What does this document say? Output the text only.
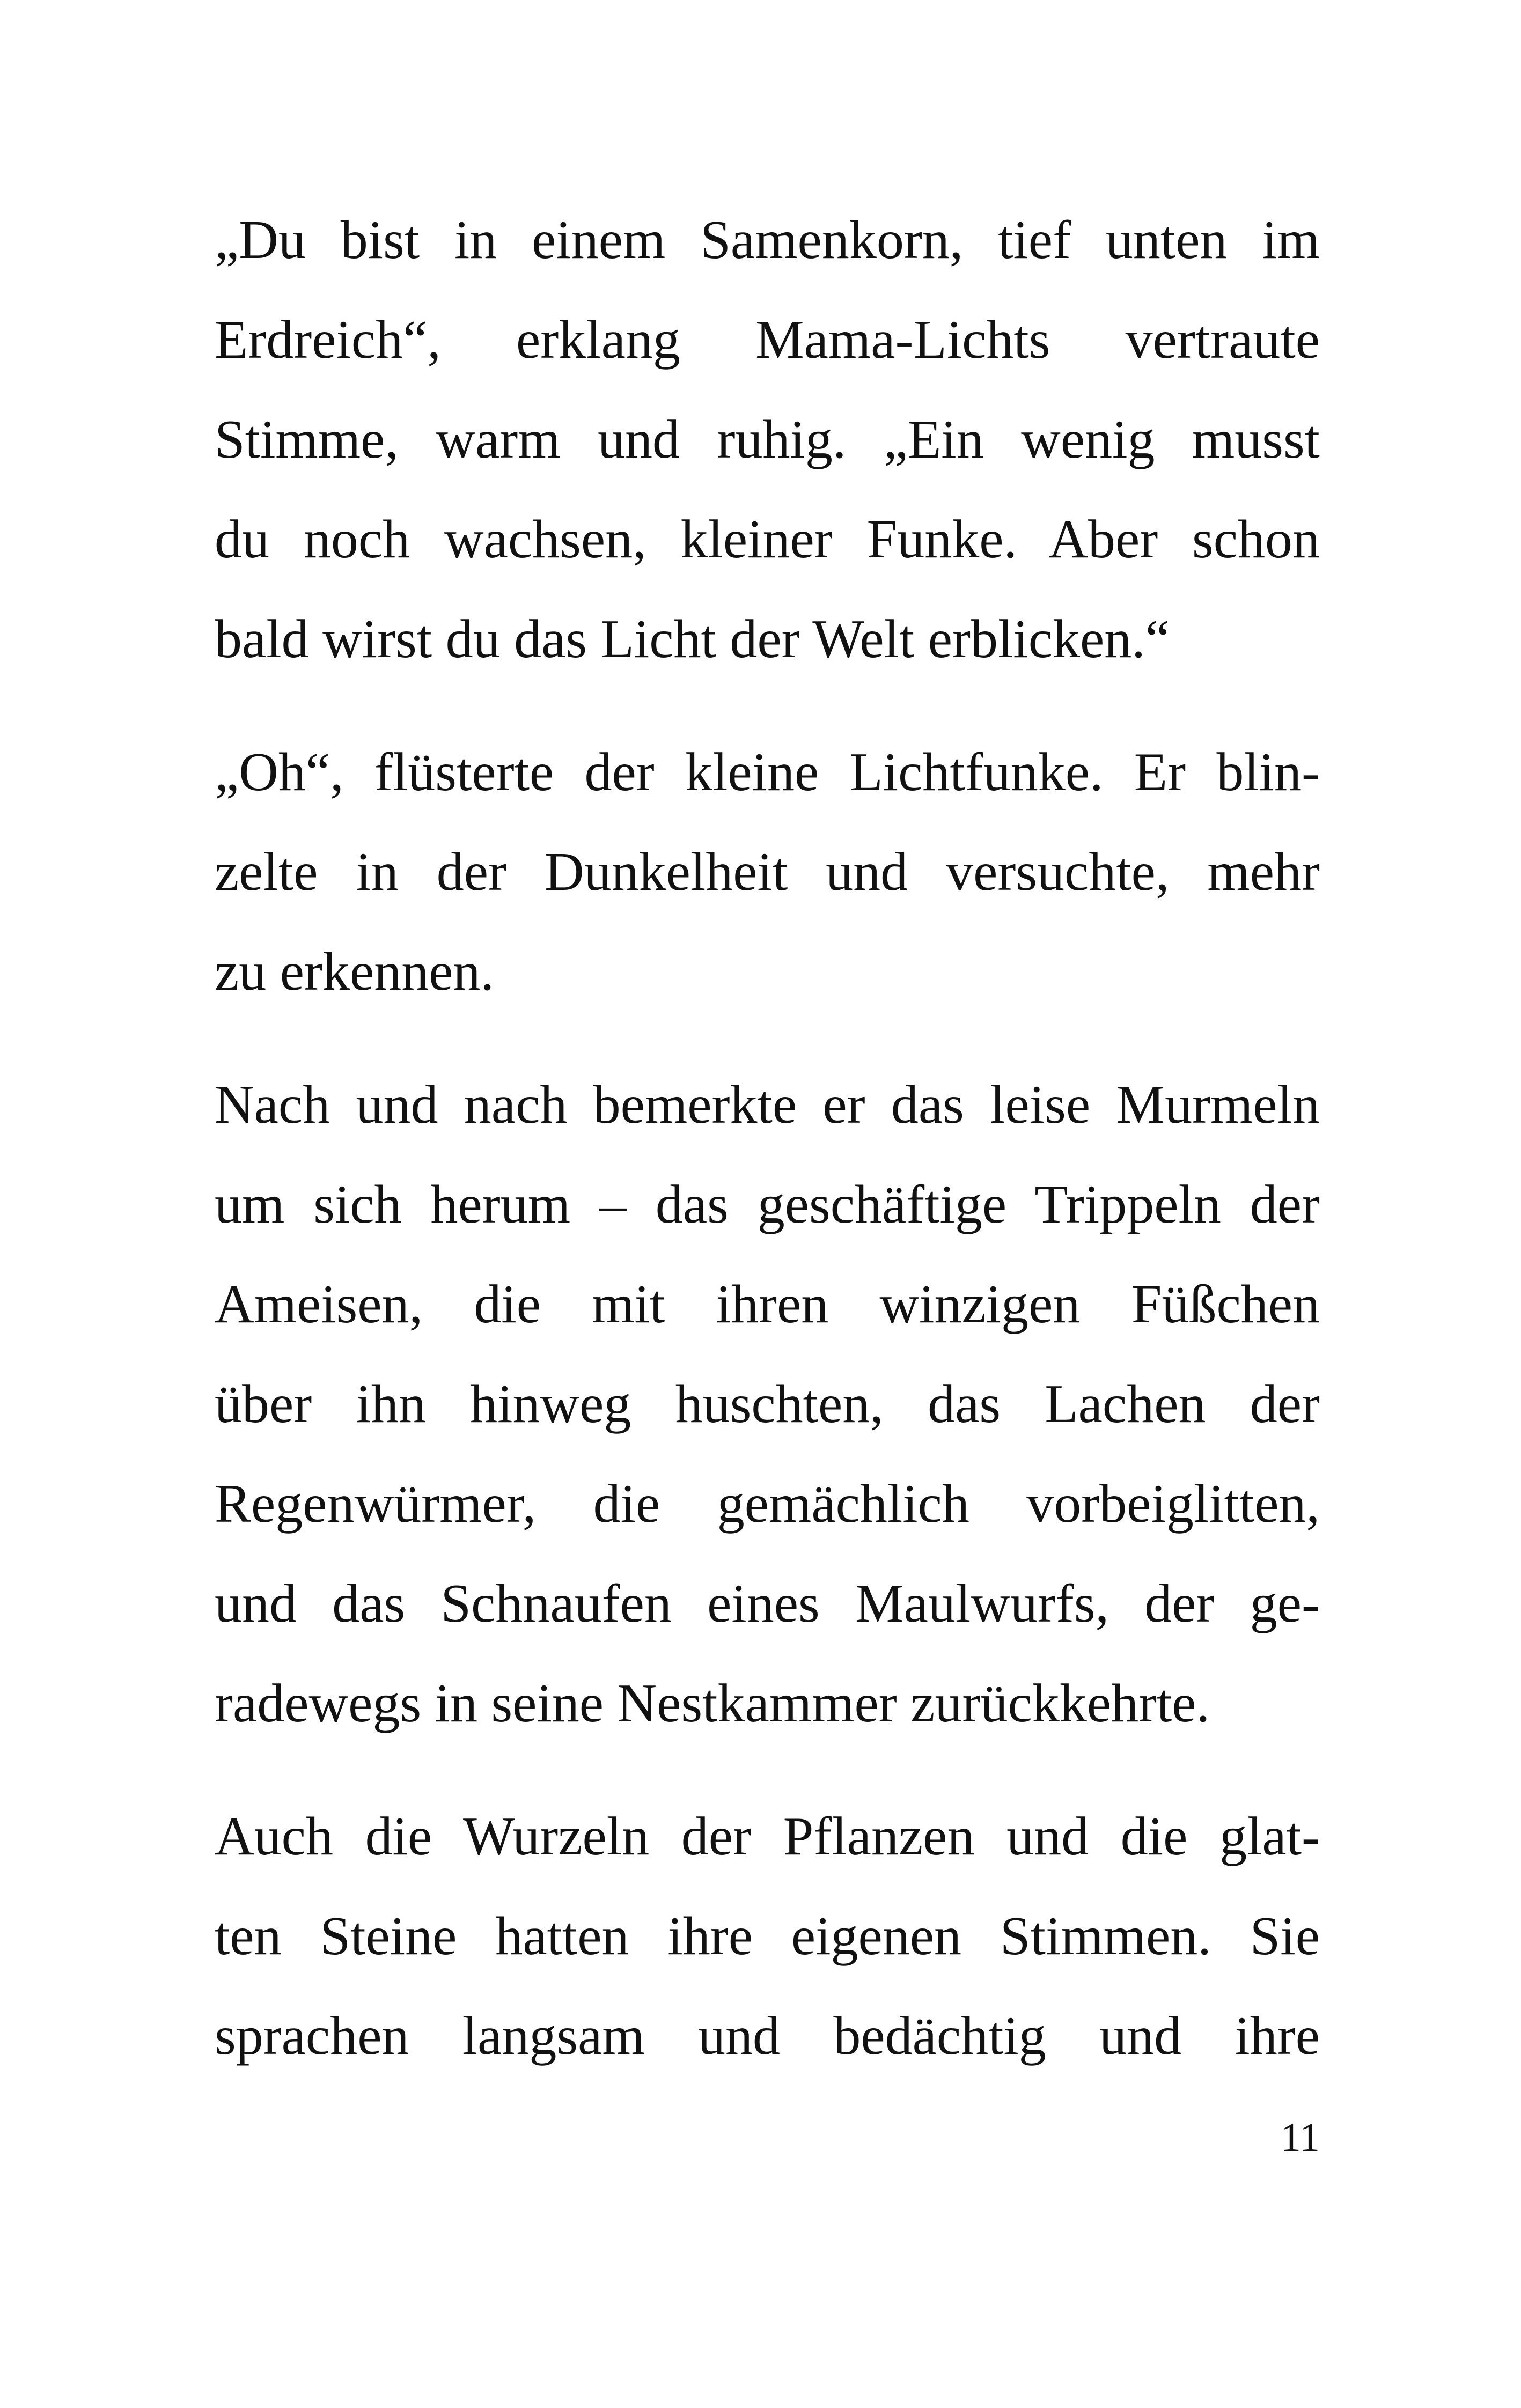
„Du bist in einem Samenkorn, tief unten im
Erdreich“, erklang Mama-Lichts vertraute
Stimme, warm und ruhig. „Ein wenig musst
du noch wachsen, kleiner Funke. Aber schon
bald wirst du das Licht der Welt erblicken.“
„Oh“, flüsterte der kleine Lichtfunke. Er blin-
zelte in der Dunkelheit und versuchte, mehr
zu erkennen.
Nach und nach bemerkte er das leise Murmeln
um sich herum – das geschäftige Trippeln der
Ameisen, die mit ihren winzigen Füßchen
über ihn hinweg huschten, das Lachen der
Regenwürmer, die gemächlich vorbeiglitten,
und das Schnaufen eines Maulwurfs, der ge-
radewegs in seine Nestkammer zurückkehrte.
Auch die Wurzeln der Pflanzen und die glat-
ten Steine hatten ihre eigenen Stimmen. Sie
sprachen langsam und bedächtig und ihre
11
